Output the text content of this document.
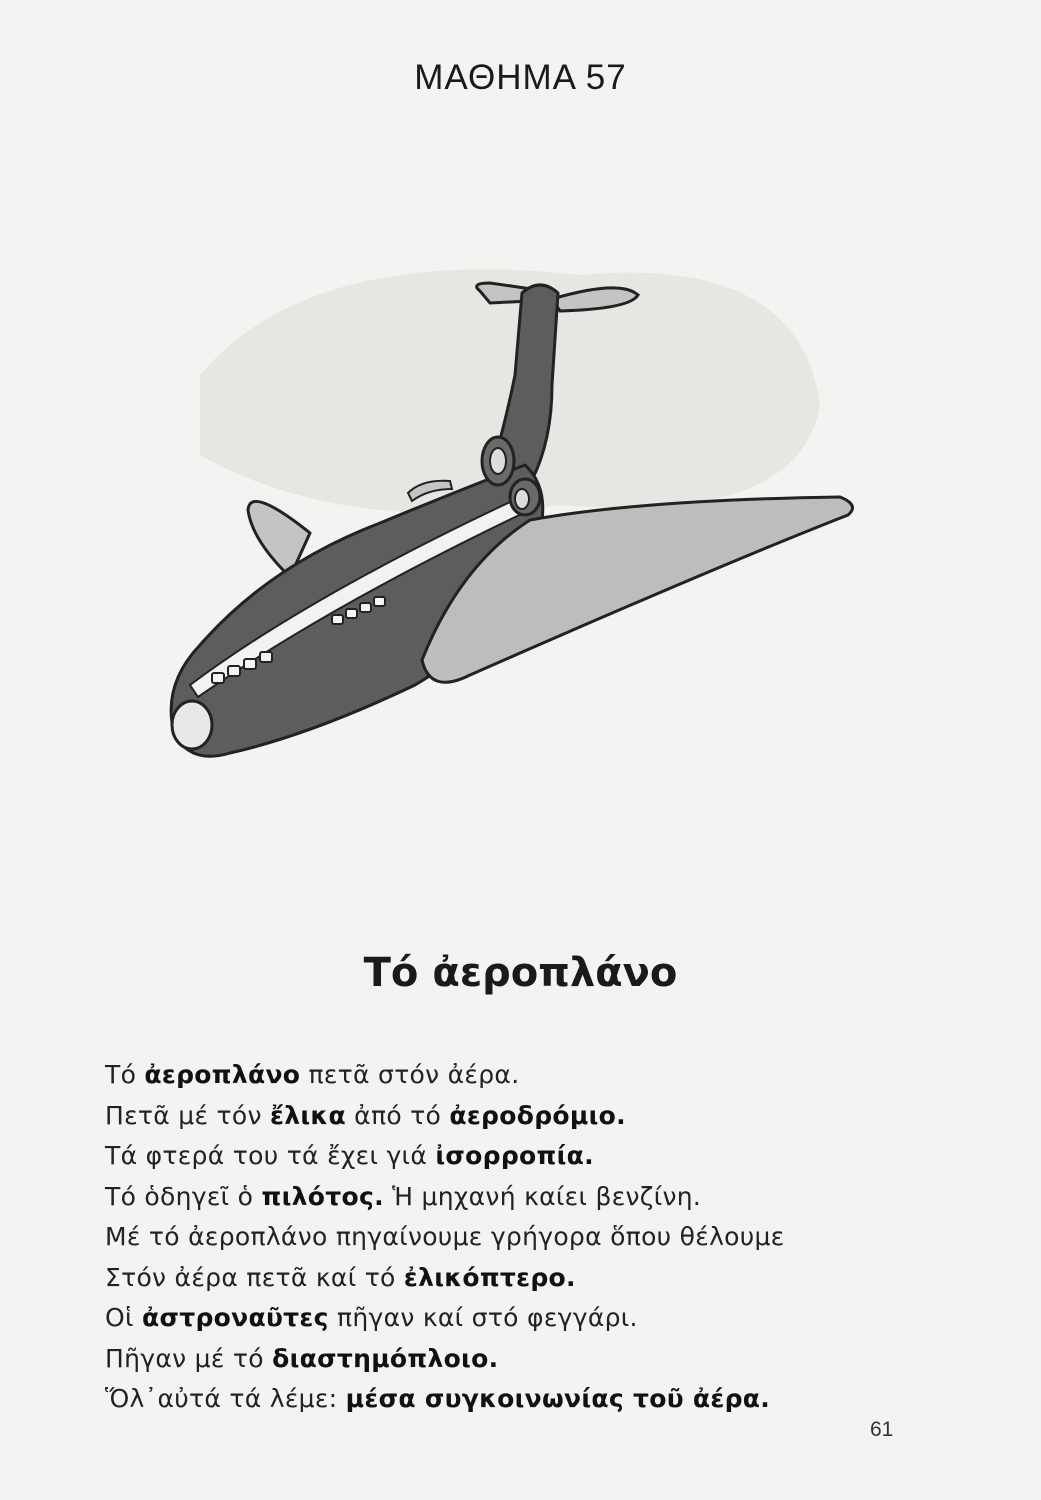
ΜΑΘΗΜΑ 57
Τό ἀεροπλάνο
Τό ἀεροπλάνο πετᾶ στόν ἀέρα.
Πετᾶ μέ τόν ἔλικα ἀπό τό ἀεροδρόμιο.
Τά φτερά του τά ἔχει γιά ἰσορροπία.
Τό ὁδηγεῖ ὁ πιλότος. Ἡ μηχανή καίει βενζίνη.
Μέ τό ἀεροπλάνο πηγαίνουμε γρήγορα ὅπου θέλουμε
Στόν ἀέρα πετᾶ καί τό ἐλικόπτερο.
Οἱ ἀστροναῦτες πῆγαν καί στό φεγγάρι.
Πῆγαν μέ τό διαστημόπλοιο.
Ὅλ᾽αὐτά τά λέμε: μέσα συγκοινωνίας τοῦ ἀέρα.
61
